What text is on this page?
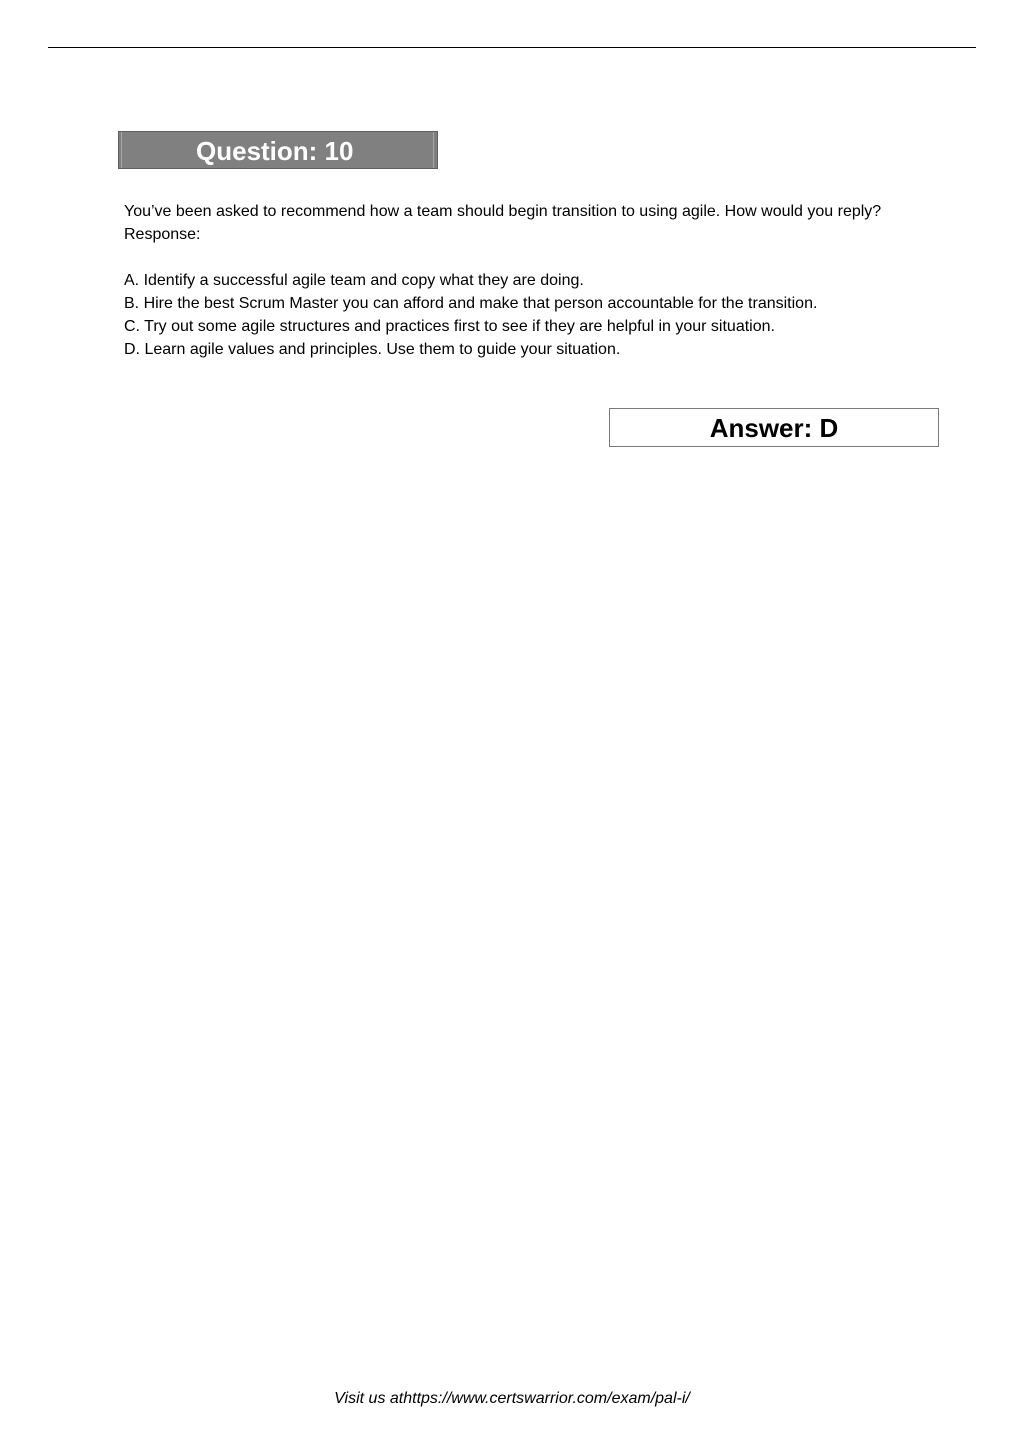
Question: 10

You’ve been asked to recommend how a team should begin transition to using agile. How would you reply?

Response:

A. Identify a successful agile team and copy what they are doing.

B. Hire the best Scrum Master you can afford and make that person accountable for the transition.

C. Try out some agile structures and practices first to see if they are helpful in your situation.

D. Learn agile values and principles. Use them to guide your situation.

Answer: D
Visit us athttps://www.certswarrior.com/exam/pal-i/
